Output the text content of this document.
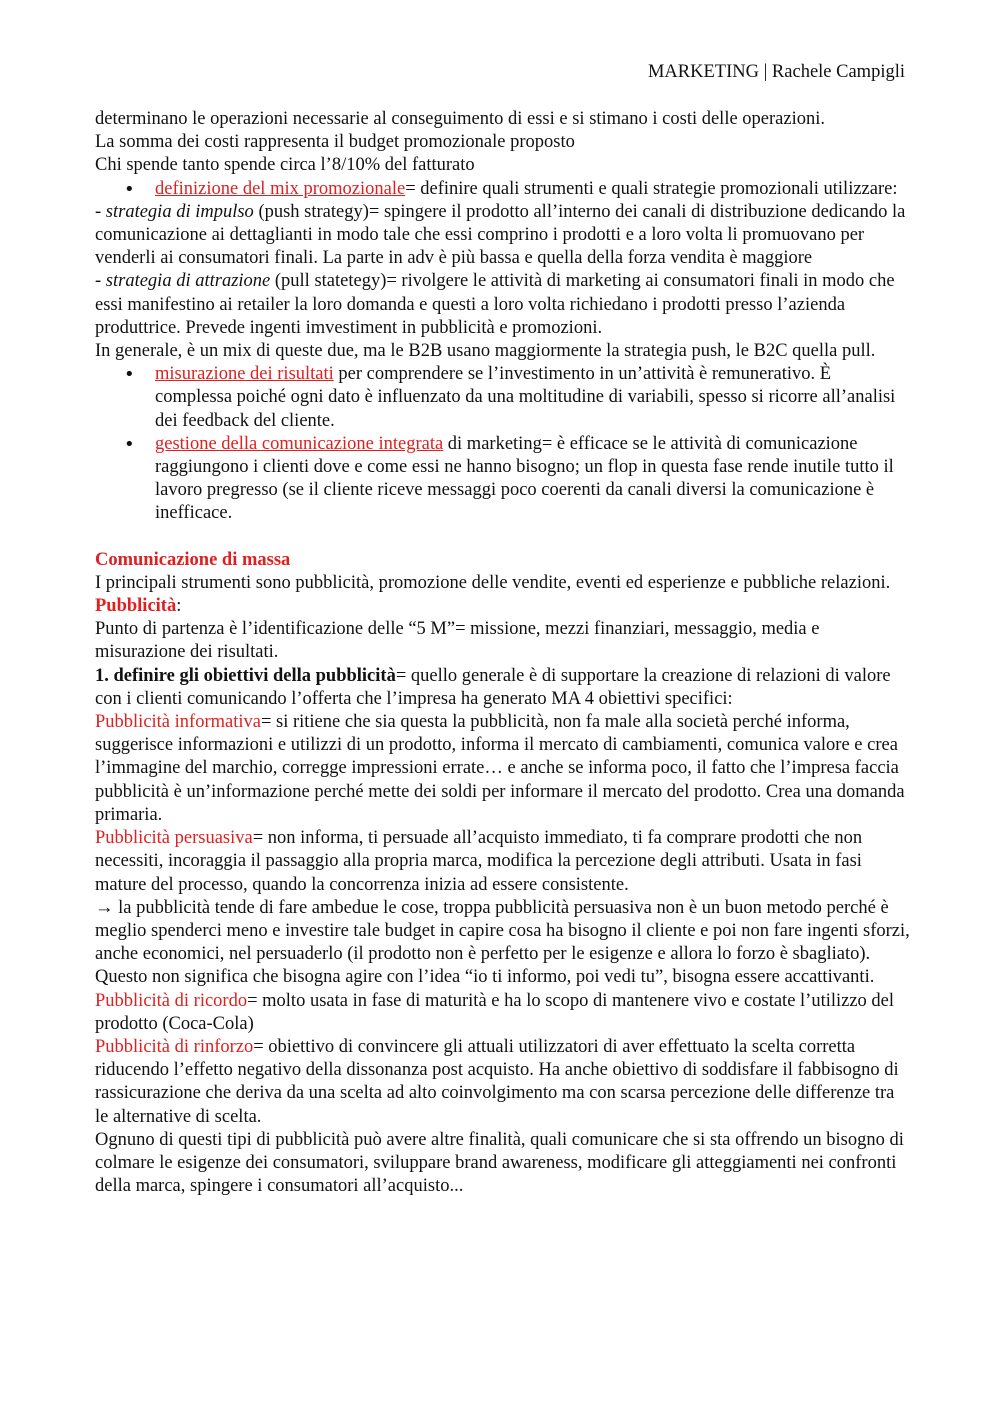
MARKETING | Rachele Campigli

determinano le operazioni necessarie al conseguimento di essi e si stimano i costi delle operazioni.

La somma dei costi rappresenta il budget promozionale proposto

Chi spende tanto spende circa l’8/10% del fatturato

• definizione del mix promozionale= definire quali strumenti e quali strategie promozionali utilizzare:

- strategia di impulso (push strategy)= spingere il prodotto all’interno dei canali di distribuzione dedicando la comunicazione ai dettaglianti in modo tale che essi comprino i prodotti e a loro volta li promuovano per venderli ai consumatori finali. La parte in adv è più bassa e quella della forza vendita è maggiore

- strategia di attrazione (pull statetegy)= rivolgere le attività di marketing ai consumatori finali in modo che essi manifestino ai retailer la loro domanda e questi a loro volta richiedano i prodotti presso l’azienda produttrice. Prevede ingenti imvestiment in pubblicità e promozioni.

In generale, è un mix di queste due, ma le B2B usano maggiormente la strategia push, le B2C quella pull.

• misurazione dei risultati per comprendere se l’investimento in un’attività è remunerativo. È complessa poiché ogni dato è influenzato da una moltitudine di variabili, spesso si ricorre all’analisi dei feedback del cliente.
• gestione della comunicazione integrata di marketing= è efficace se le attività di comunicazione raggiungono i clienti dove e come essi ne hanno bisogno; un flop in questa fase rende inutile tutto il lavoro pregresso (se il cliente riceve messaggi poco coerenti da canali diversi la comunicazione è inefficace.

Comunicazione di massa

I principali strumenti sono pubblicità, promozione delle vendite, eventi ed esperienze e pubbliche relazioni. Pubblicità:

Punto di partenza è l’identificazione delle “5 M”= missione, mezzi finanziari, messaggio, media e misurazione dei risultati.

1. definire gli obiettivi della pubblicità= quello generale è di supportare la creazione di relazioni di valore con i clienti comunicando l’offerta che l’impresa ha generato MA 4 obiettivi specifici:

Pubblicità informativa= si ritiene che sia questa la pubblicità, non fa male alla società perché informa, suggerisce informazioni e utilizzi di un prodotto, informa il mercato di cambiamenti, comunica valore e crea l’immagine del marchio, corregge impressioni errate… e anche se informa poco, il fatto che l’impresa faccia pubblicità è un’informazione perché mette dei soldi per informare il mercato del prodotto. Crea una domanda primaria.

Pubblicità persuasiva= non informa, ti persuade all’acquisto immediato, ti fa comprare prodotti che non necessiti, incoraggia il passaggio alla propria marca, modifica la percezione degli attributi. Usata in fasi mature del processo, quando la concorrenza inizia ad essere consistente.

→ la pubblicità tende di fare ambedue le cose, troppa pubblicità persuasiva non è un buon metodo perché è meglio spenderci meno e investire tale budget in capire cosa ha bisogno il cliente e poi non fare ingenti sforzi, anche economici, nel persuaderlo (il prodotto non è perfetto per le esigenze e allora lo forzo è sbagliato). Questo non significa che bisogna agire con l’idea “io ti informo, poi vedi tu”, bisogna essere accattivanti.

Pubblicità di ricordo= molto usata in fase di maturità e ha lo scopo di mantenere vivo e costate l’utilizzo del prodotto (Coca-Cola)

Pubblicità di rinforzo= obiettivo di convincere gli attuali utilizzatori di aver effettuato la scelta corretta riducendo l’effetto negativo della dissonanza post acquisto. Ha anche obiettivo di soddisfare il fabbisogno di rassicurazione che deriva da una scelta ad alto coinvolgimento ma con scarsa percezione delle differenze tra le alternative di scelta.

Ognuno di questi tipi di pubblicità può avere altre finalità, quali comunicare che si sta offrendo un bisogno di colmare le esigenze dei consumatori, sviluppare brand awareness, modificare gli atteggiamenti nei confronti della marca, spingere i consumatori all’acquisto...
